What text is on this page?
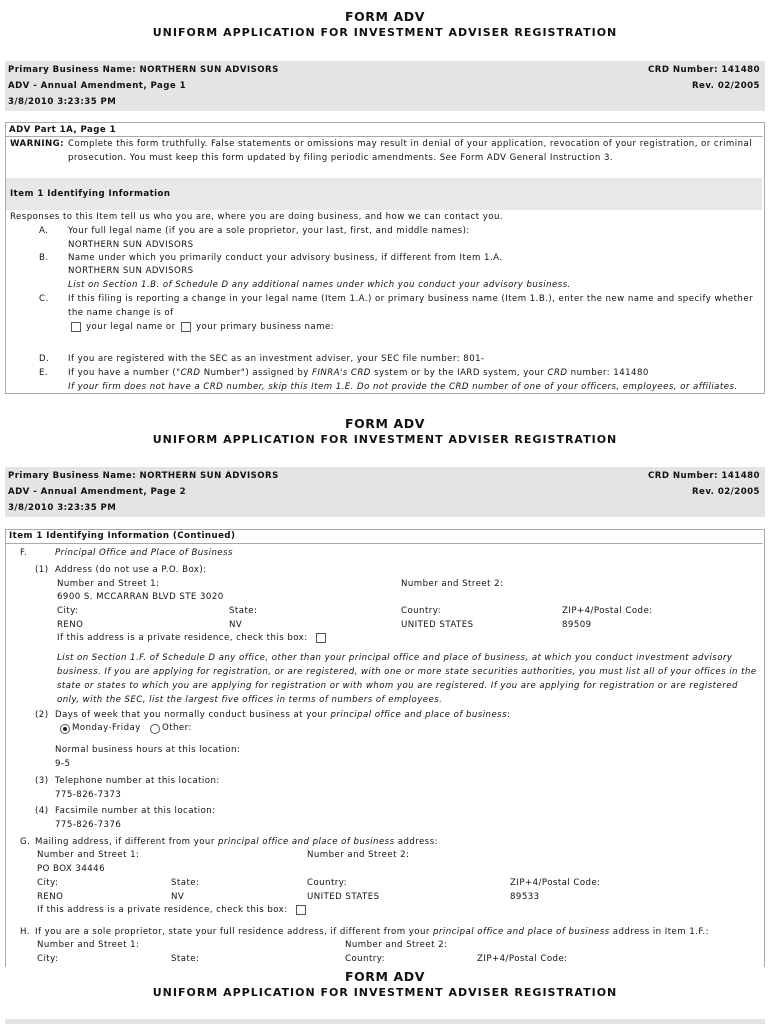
FORM ADV
UNIFORM APPLICATION FOR INVESTMENT ADVISER REGISTRATION
Primary Business Name: NORTHERN SUN ADVISORS	CRD Number: 141480
ADV - Annual Amendment, Page 1	Rev. 02/2005
3/8/2010 3:23:35 PM
ADV Part 1A, Page 1
WARNING: Complete this form truthfully. False statements or omissions may result in denial of your application, revocation of your registration, or criminal
prosecution. You must keep this form updated by filing periodic amendments. See Form ADV General Instruction 3.
Item 1 Identifying Information
Responses to this Item tell us who you are, where you are doing business, and how we can contact you.
A. Your full legal name (if you are a sole proprietor, your last, first, and middle names):
NORTHERN SUN ADVISORS
B. Name under which you primarily conduct your advisory business, if different from Item 1.A.
NORTHERN SUN ADVISORS
List on Section 1.B. of Schedule D any additional names under which you conduct your advisory business.
C. If this filing is reporting a change in your legal name (Item 1.A.) or primary business name (Item 1.B.), enter the new name and specify whether
the name change is of
your legal name or your primary business name:
D. If you are registered with the SEC as an investment adviser, your SEC file number: 801-
E. If you have a number ("CRD Number") assigned by FINRA's CRD system or by the IARD system, your CRD number: 141480
If your firm does not have a CRD number, skip this Item 1.E. Do not provide the CRD number of one of your officers, employees, or affiliates.
FORM ADV
UNIFORM APPLICATION FOR INVESTMENT ADVISER REGISTRATION
Primary Business Name: NORTHERN SUN ADVISORS	CRD Number: 141480
ADV - Annual Amendment, Page 2	Rev. 02/2005
3/8/2010 3:23:35 PM
Item 1 Identifying Information (Continued)
F.	Principal Office and Place of Business
(1) Address (do not use a P.O. Box):
Number and Street 1:	Number and Street 2:
6900 S. MCCARRAN BLVD STE 3020
City:	State:	Country:	ZIP+4/Postal Code:
RENO	NV	UNITED STATES	89509
If this address is a private residence, check this box:
List on Section 1.F. of Schedule D any office, other than your principal office and place of business, at which you conduct investment advisory business. If you are applying for registration, or are registered, with one or more state securities authorities, you must list all of your offices in the state or states to which you are applying for registration or with whom you are registered. If you are applying for registration or are registered only, with the SEC, list the largest five offices in terms of numbers of employees.
(2) Days of week that you normally conduct business at your principal office and place of business:
Monday-Friday Other:
Normal business hours at this location:
9-5
(3) Telephone number at this location:
775-826-7373
(4) Facsimile number at this location:
775-826-7376
G. Mailing address, if different from your principal office and place of business address:
Number and Street 1:	Number and Street 2:
PO BOX 34446
City:	State:	Country:	ZIP+4/Postal Code:
RENO	NV	UNITED STATES	89533
If this address is a private residence, check this box:
H. If you are a sole proprietor, state your full residence address, if different from your principal office and place of business address in Item 1.F.:
Number and Street 1:	Number and Street 2:
City:	State:	Country:	ZIP+4/Postal Code:
FORM ADV
UNIFORM APPLICATION FOR INVESTMENT ADVISER REGISTRATION
